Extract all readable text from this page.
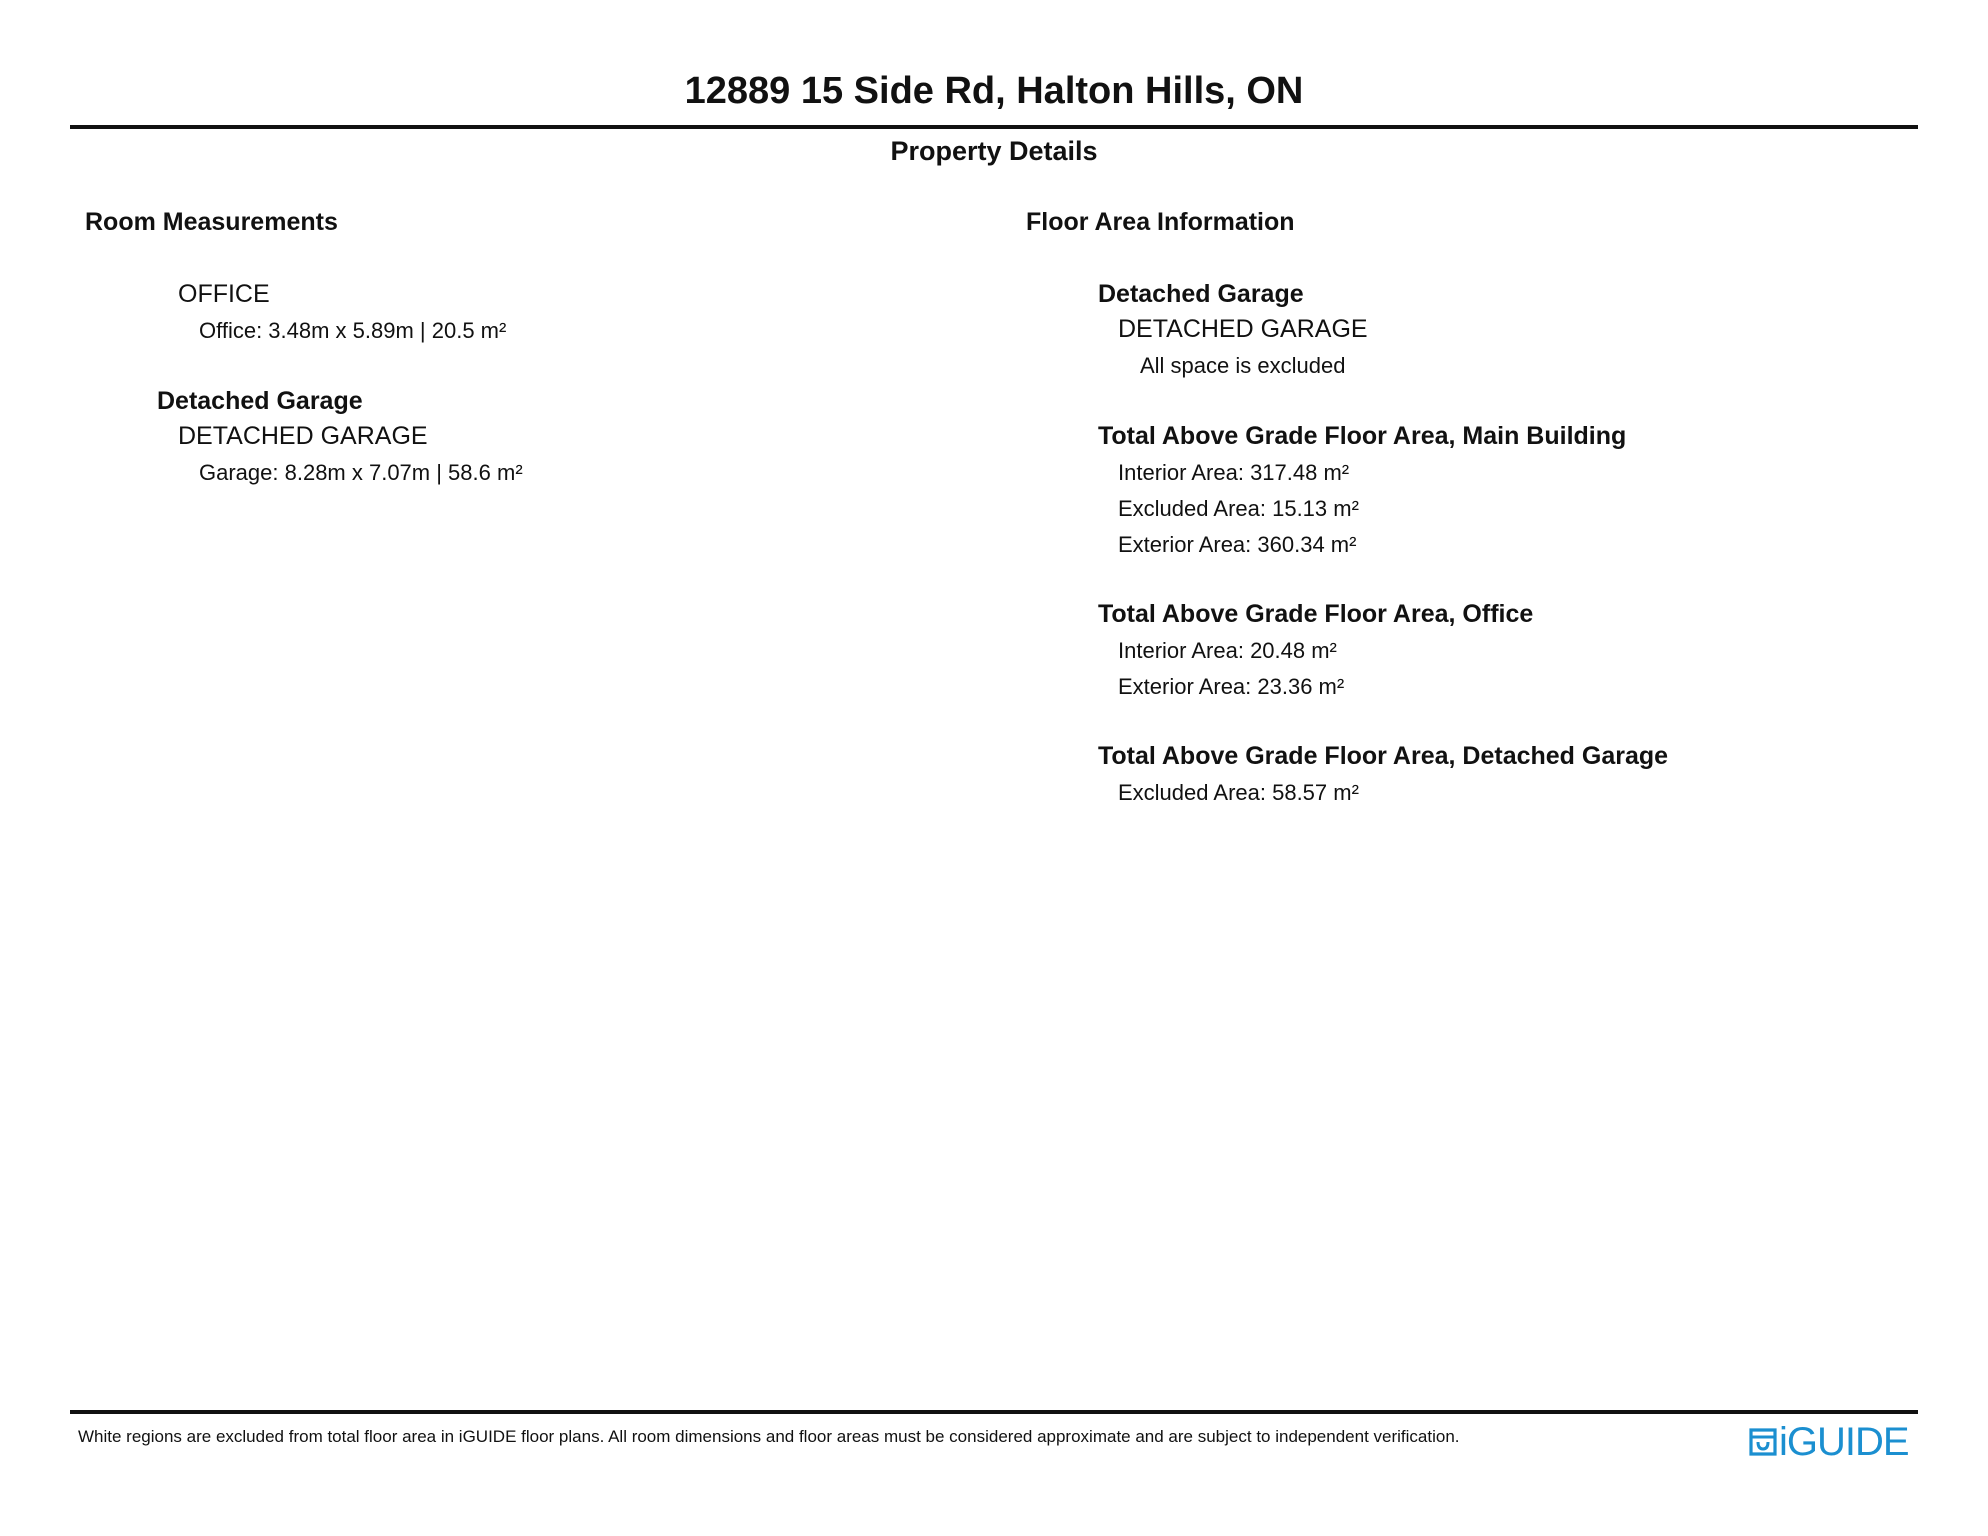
12889 15 Side Rd, Halton Hills, ON
Property Details
Room Measurements
OFFICE
Office: 3.48m x 5.89m | 20.5 m²
Detached Garage
DETACHED GARAGE
Garage: 8.28m x 7.07m | 58.6 m²
Floor Area Information
Detached Garage
DETACHED GARAGE
All space is excluded
Total Above Grade Floor Area, Main Building
Interior Area: 317.48 m²
Excluded Area: 15.13 m²
Exterior Area: 360.34 m²
Total Above Grade Floor Area, Office
Interior Area: 20.48 m²
Exterior Area: 23.36 m²
Total Above Grade Floor Area, Detached Garage
Excluded Area: 58.57 m²
White regions are excluded from total floor area in iGUIDE floor plans. All room dimensions and floor areas must be considered approximate and are subject to independent verification.	iGUIDE
